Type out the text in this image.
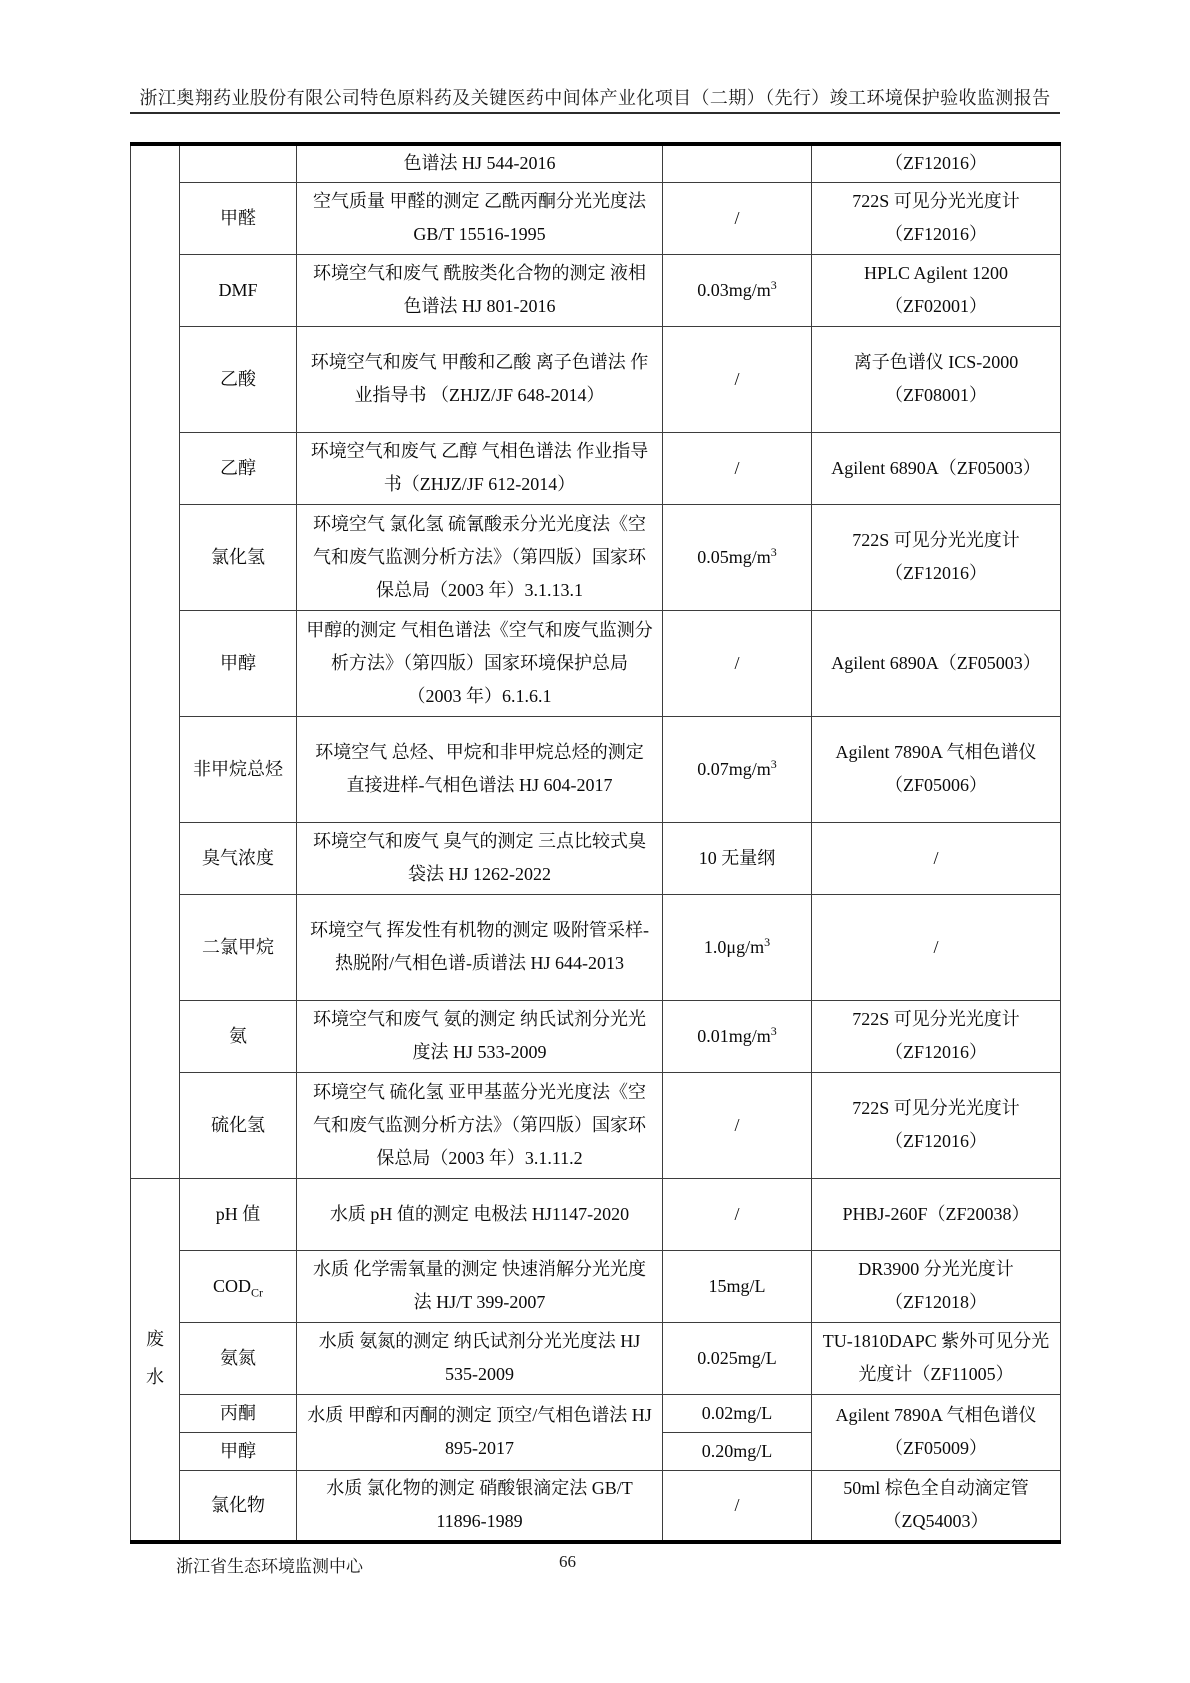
浙江奥翔药业股份有限公司特色原料药及关键医药中间体产业化项目（二期）（先行）竣工环境保护验收监测报告
		色谱法 HJ 544-2016		（ZF12016）
	甲醛	空气质量 甲醛的测定 乙酰丙酮分光光度法 GB/T 15516-1995	/	722S 可见分光光度计（ZF12016）
	DMF	环境空气和废气 酰胺类化合物的测定 液相色谱法 HJ 801-2016	$0.03mg/m^3$	HPLC Agilent 1200（ZF02001）
	乙酸	环境空气和废气 甲酸和乙酸 离子色谱法 作业指导书 （ZHJZ/JF 648-2014）	/	离子色谱仪 ICS-2000（ZF08001）
	乙醇	环境空气和废气 乙醇 气相色谱法 作业指导书（ZHJZ/JF 612-2014）	/	Agilent 6890A（ZF05003）
	氯化氢	环境空气 氯化氢 硫氰酸汞分光光度法《空气和废气监测分析方法》（第四版）国家环保总局（2003 年）3.1.13.1	$0.05mg/m^3$	722S 可见分光光度计（ZF12016）
	甲醇	甲醇的测定 气相色谱法《空气和废气监测分析方法》（第四版）国家环境保护总局（2003 年）6.1.6.1	/	Agilent 6890A（ZF05003）
	非甲烷总烃	环境空气 总烃、甲烷和非甲烷总烃的测定 直接进样-气相色谱法 HJ 604-2017	$0.07mg/m^3$	Agilent 7890A 气相色谱仪（ZF05006）
	臭气浓度	环境空气和废气 臭气的测定 三点比较式臭袋法 HJ 1262-2022	10 无量纲	/
	二氯甲烷	环境空气 挥发性有机物的测定 吸附管采样-热脱附/气相色谱-质谱法 HJ 644-2013	$1.0\mu g/m^3$	/
	氨	环境空气和废气 氨的测定 纳氏试剂分光光度法 HJ 533-2009	$0.01mg/m^3$	722S 可见分光光度计（ZF12016）
	硫化氢	环境空气 硫化氢 亚甲基蓝分光光度法《空气和废气监测分析方法》（第四版）国家环保总局（2003 年）3.1.11.2	/	722S 可见分光光度计（ZF12016）

废水	pH 值	水质 pH 值的测定 电极法 HJ1147-2020	/	PHBJ-260F（ZF20038）
	$COD_{Cr}$	水质 化学需氧量的测定 快速消解分光光度法 HJ/T 399-2007	15mg/L	DR3900 分光光度计（ZF12018）
	氨氮	水质 氨氮的测定 纳氏试剂分光光度法 HJ 535-2009	0.025mg/L	TU-1810DAPC 紫外可见分光光度计（ZF11005）
	丙酮	水质 甲醇和丙酮的测定 顶空/气相色谱法 HJ 895-2017	0.02mg/L	Agilent 7890A 气相色谱仪（ZF05009）
	甲醇		0.20mg/L	
	氯化物	水质 氯化物的测定 硝酸银滴定法 GB/T 11896-1989	/	50ml 棕色全自动滴定管（ZQ54003）
66
浙江省生态环境监测中心
